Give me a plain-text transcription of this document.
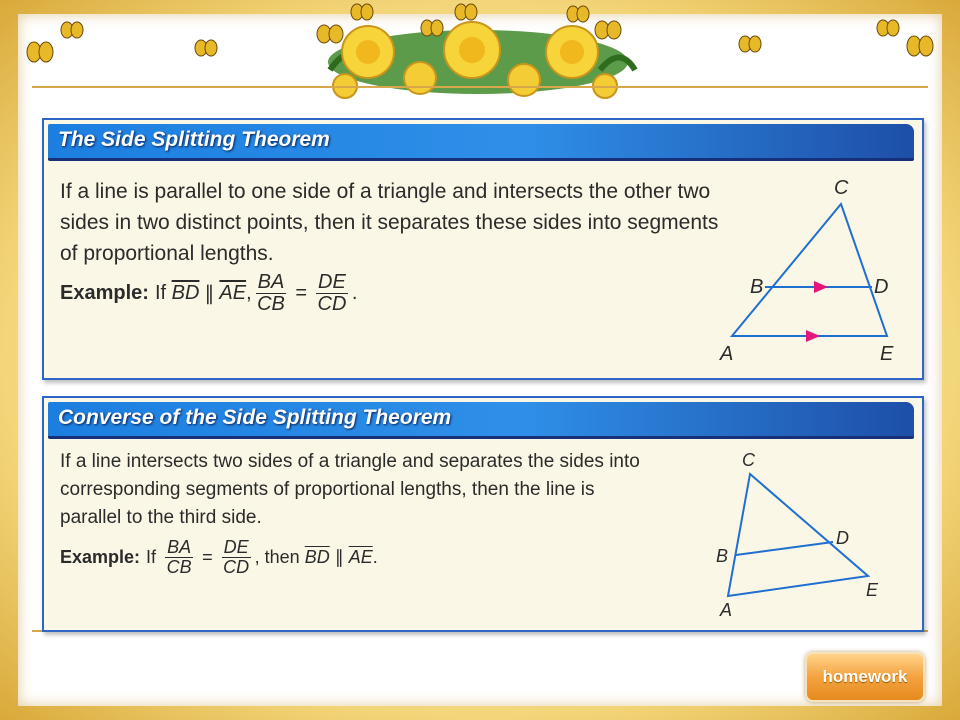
The Side Splitting Theorem
If a line is parallel to one side of a triangle and intersects the other two sides in two distinct points, then it separates these sides into segments of proportional lengths.
Example: If
$\overline{BD}$ ∥ $\overline{AE}$ , $\frac{BA}{CB} = \frac{DE}{CD}$ .
C
B	D
A	E
Converse of the Side Splitting Theorem
If a line intersects two sides of a triangle and separates the sides into corresponding segments of proportional lengths, then the line is parallel to the third side.
Example: If
$\frac{BA}{CB} = \frac{DE}{CD}$ , then
$\overline{BD}$ ∥ $\overline{AE}$ .
C
B
D
A
E
homework
